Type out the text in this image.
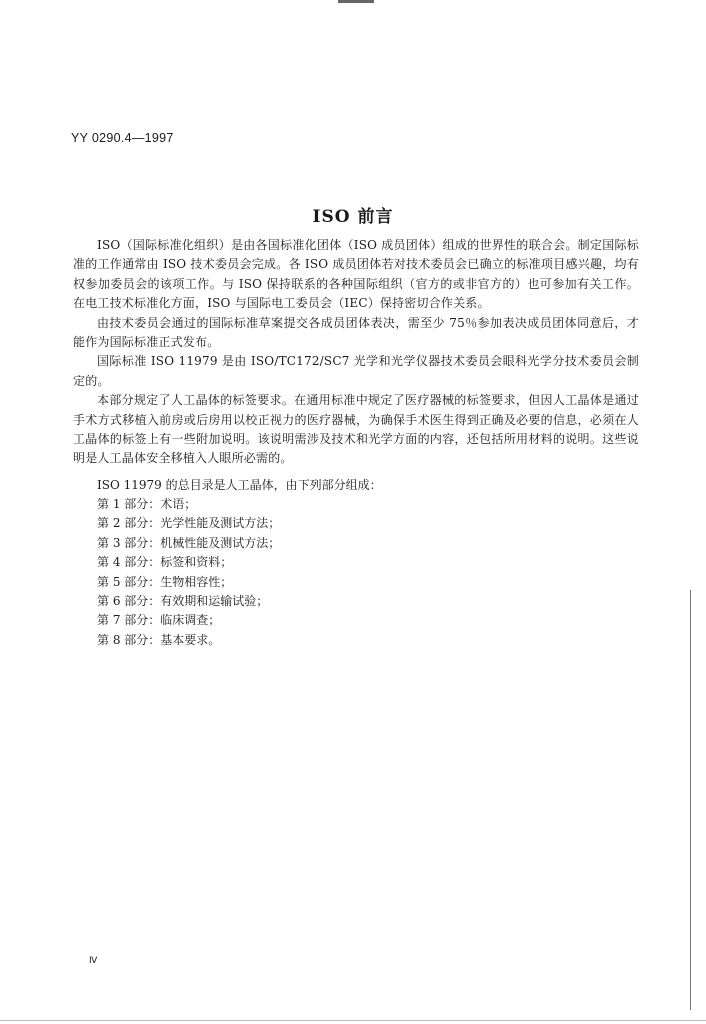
YY 0290.4—1997
ISO 前言

ISO（国际标准化组织）是由各国标准化团体（ISO 成员团体）组成的世界性的联合会。制定国际标准的工作通常由 ISO 技术委员会完成。各 ISO 成员团体若对技术委员会已确立的标准项目感兴趣，均有权参加委员会的该项工作。与 ISO 保持联系的各种国际组织（官方的或非官方的）也可参加有关工作。在电工技术标准化方面，ISO 与国际电工委员会（IEC）保持密切合作关系。

由技术委员会通过的国际标准草案提交各成员团体表决，需至少 75％参加表决成员团体同意后，才能作为国际标准正式发布。

国际标准 ISO 11979 是由 ISO/TC172/SC7 光学和光学仪器技术委员会眼科光学分技术委员会制定的。

本部分规定了人工晶体的标签要求。在通用标准中规定了医疗器械的标签要求，但因人工晶体是通过手术方式移植入前房或后房用以校正视力的医疗器械，为确保手术医生得到正确及必要的信息，必须在人工晶体的标签上有一些附加说明。该说明需涉及技术和光学方面的内容，还包括所用材料的说明。这些说明是人工晶体安全移植入人眼所必需的。

ISO 11979 的总目录是人工晶体，由下列部分组成：
第 1 部分：术语；
第 2 部分：光学性能及测试方法；
第 3 部分：机械性能及测试方法；
第 4 部分：标签和资料；
第 5 部分：生物相容性；
第 6 部分：有效期和运输试验；
第 7 部分：临床调查；
第 8 部分：基本要求。
Ⅳ
